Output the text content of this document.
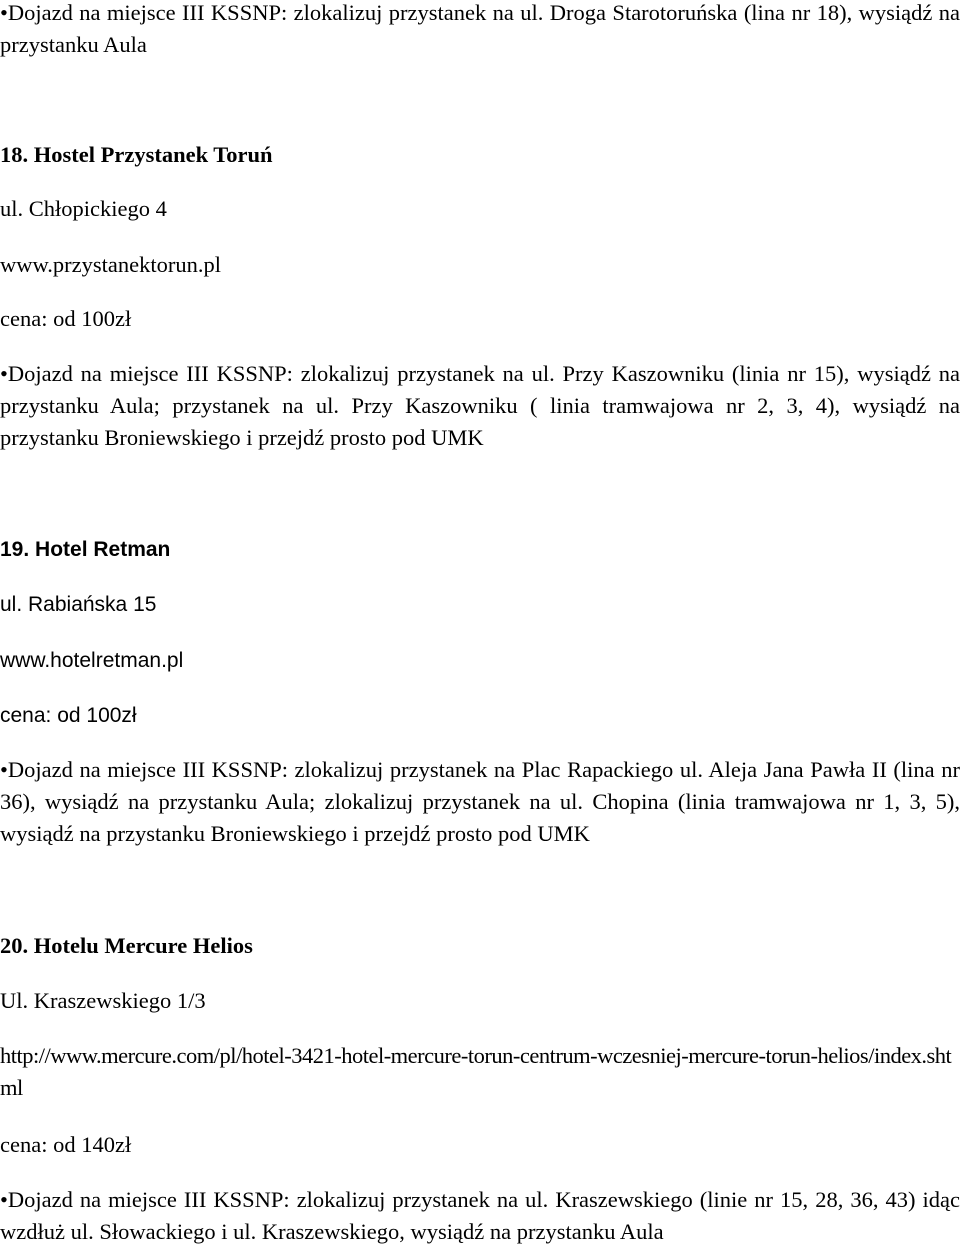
• Dojazd na miejsce III KSSNP: zlokalizuj przystanek na ul. Droga Starotoruńska (lina nr 18), wysiądź na przystanku Aula

18. Hostel Przystanek Toruń

ul. Chłopickiego 4

www.przystanektorun.pl

cena: od 100zł

• Dojazd na miejsce III KSSNP: zlokalizuj przystanek na ul. Przy Kaszowniku (linia nr 15), wysiądź na przystanku Aula; przystanek na ul. Przy Kaszowniku ( linia tramwajowa nr 2, 3, 4), wysiądź na przystanku Broniewskiego i przejdź prosto pod UMK

19. Hotel Retman

ul. Rabiańska 15

www.hotelretman.pl

cena: od 100zł

• Dojazd na miejsce III KSSNP: zlokalizuj przystanek na Plac Rapackiego ul. Aleja Jana Pawła II (lina nr 36), wysiądź na przystanku Aula; zlokalizuj przystanek na ul. Chopina (linia tramwajowa nr 1, 3, 5), wysiądź na przystanku Broniewskiego i przejdź prosto pod UMK

20. Hotelu Mercure Helios

Ul. Kraszewskiego 1/3

http://www.mercure.com/pl/hotel-3421-hotel-mercure-torun-centrum-wczesniej-mercure-torun-helios/index.shtml

cena: od 140zł

• Dojazd na miejsce III KSSNP: zlokalizuj przystanek na ul. Kraszewskiego (linie nr 15, 28, 36, 43) idąc wzdłuż ul. Słowackiego i ul. Kraszewskiego, wysiądź na przystanku Aula
